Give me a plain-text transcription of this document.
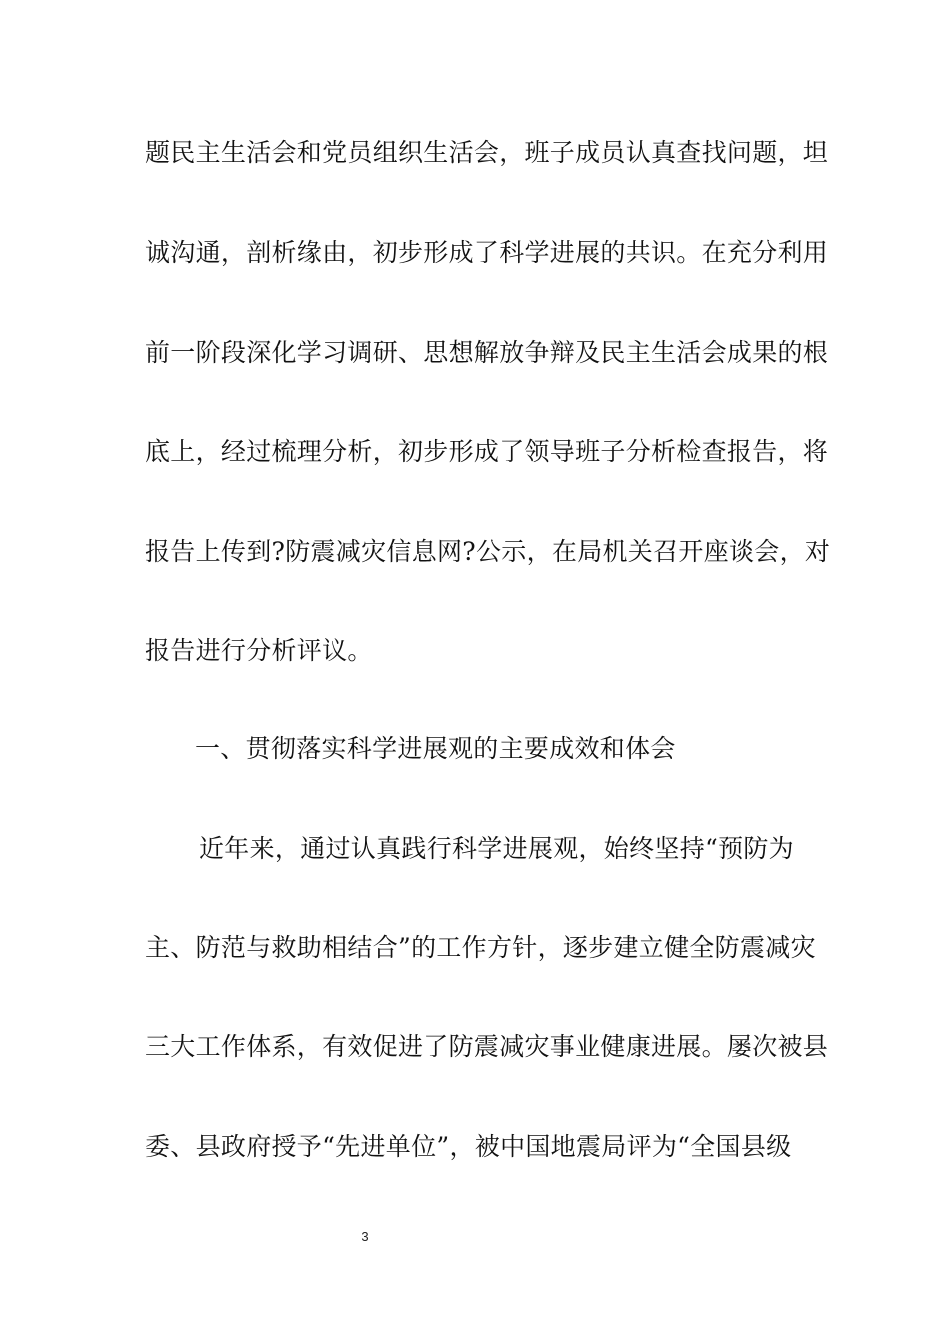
题民主生活会和党员组织生活会，班子成员认真查找问题，坦
诚沟通，剖析缘由，初步形成了科学进展的共识。在充分利用
前一阶段深化学习调研、思想解放争辩及民主生活会成果的根
底上，经过梳理分析，初步形成了领导班子分析检查报告，将
报告上传到?防震减灾信息网?公示，在局机关召开座谈会，对
报告进行分析评议。
一、贯彻落实科学进展观的主要成效和体会
近年来，通过认真践行科学进展观，始终坚持“预防为
主、防范与救助相结合”的工作方针，逐步建立健全防震减灾
三大工作体系，有效促进了防震减灾事业健康进展。屡次被县
委、县政府授予“先进单位”，被中国地震局评为“全国县级
3
